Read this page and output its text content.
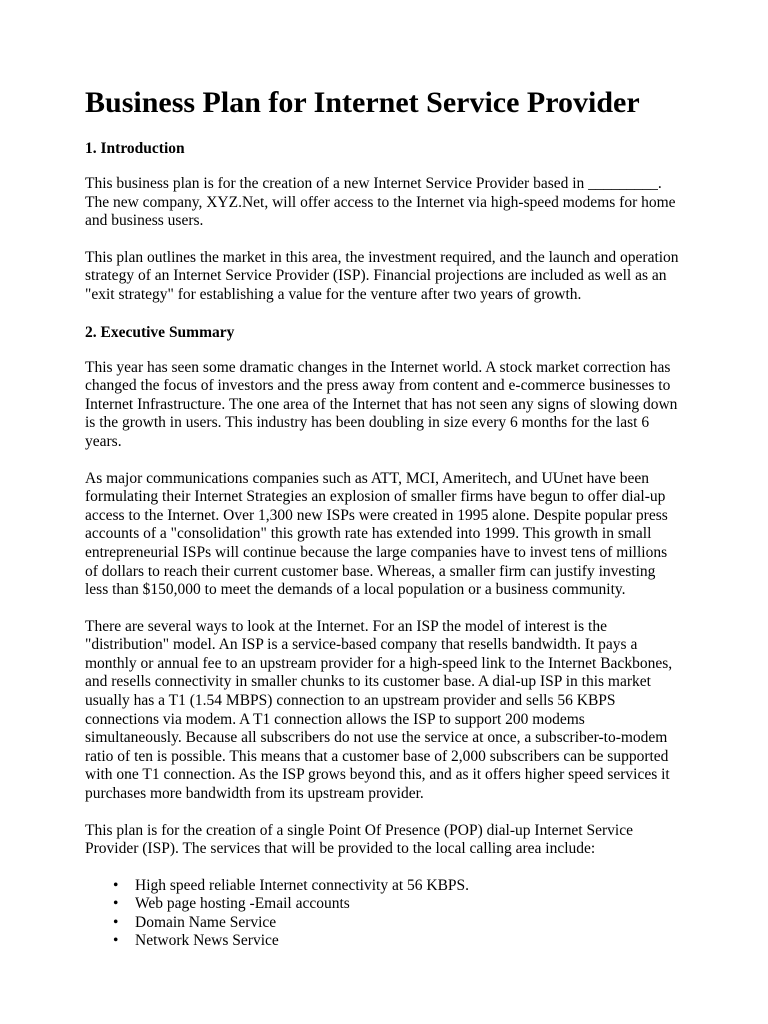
Business Plan for Internet Service Provider
1. Introduction

This business plan is for the creation of a new Internet Service Provider based in _________. The new company, XYZ.Net, will offer access to the Internet via high-speed modems for home and business users.

This plan outlines the market in this area, the investment required, and the launch and operation strategy of an Internet Service Provider (ISP). Financial projections are included as well as an "exit strategy" for establishing a value for the venture after two years of growth.

2. Executive Summary

This year has seen some dramatic changes in the Internet world. A stock market correction has changed the focus of investors and the press away from content and e-commerce businesses to Internet Infrastructure. The one area of the Internet that has not seen any signs of slowing down is the growth in users. This industry has been doubling in size every 6 months for the last 6 years.

As major communications companies such as ATT, MCI, Ameritech, and UUnet have been formulating their Internet Strategies an explosion of smaller firms have begun to offer dial-up access to the Internet. Over 1,300 new ISPs were created in 1995 alone. Despite popular press accounts of a "consolidation" this growth rate has extended into 1999. This growth in small entrepreneurial ISPs will continue because the large companies have to invest tens of millions of dollars to reach their current customer base. Whereas, a smaller firm can justify investing less than $150,000 to meet the demands of a local population or a business community.

There are several ways to look at the Internet. For an ISP the model of interest is the "distribution" model. An ISP is a service-based company that resells bandwidth. It pays a monthly or annual fee to an upstream provider for a high-speed link to the Internet Backbones, and resells connectivity in smaller chunks to its customer base. A dial-up ISP in this market usually has a T1 (1.54 MBPS) connection to an upstream provider and sells 56 KBPS connections via modem. A T1 connection allows the ISP to support 200 modems simultaneously. Because all subscribers do not use the service at once, a subscriber-to-modem ratio of ten is possible. This means that a customer base of 2,000 subscribers can be supported with one T1 connection. As the ISP grows beyond this, and as it offers higher speed services it purchases more bandwidth from its upstream provider.

This plan is for the creation of a single Point Of Presence (POP) dial-up Internet Service Provider (ISP). The services that will be provided to the local calling area include:

• High speed reliable Internet connectivity at 56 KBPS.
• Web page hosting -Email accounts
• Domain Name Service
• Network News Service
